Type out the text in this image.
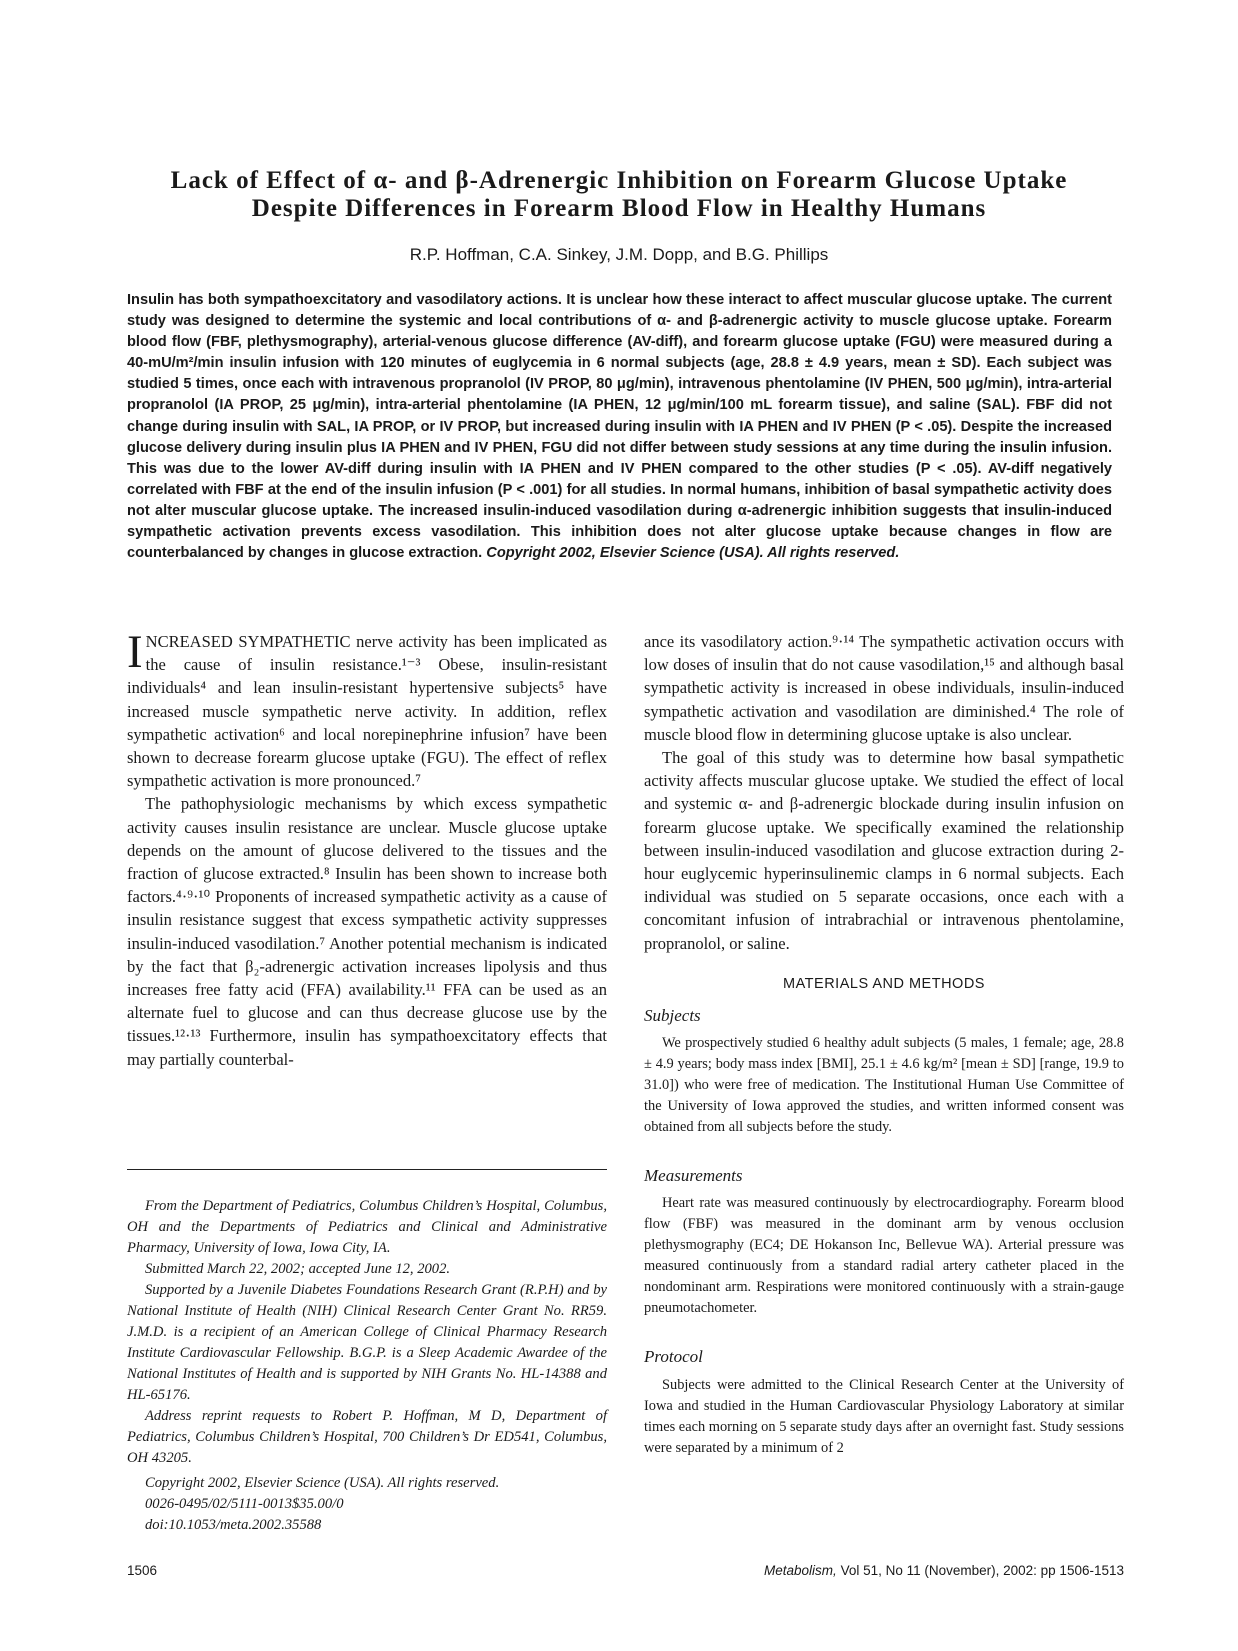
Lack of Effect of α- and β-Adrenergic Inhibition on Forearm Glucose Uptake
Despite Differences in Forearm Blood Flow in Healthy Humans
R.P. Hoffman, C.A. Sinkey, J.M. Dopp, and B.G. Phillips
Insulin has both sympathoexcitatory and vasodilatory actions. It is unclear how these interact to affect muscular glucose uptake. The current study was designed to determine the systemic and local contributions of α- and β-adrenergic activity to muscle glucose uptake. Forearm blood flow (FBF, plethysmography), arterial-venous glucose difference (AV-diff), and forearm glucose uptake (FGU) were measured during a 40-mU/m²/min insulin infusion with 120 minutes of euglycemia in 6 normal subjects (age, 28.8 ± 4.9 years, mean ± SD). Each subject was studied 5 times, once each with intravenous propranolol (IV PROP, 80 μg/min), intravenous phentolamine (IV PHEN, 500 μg/min), intra-arterial propranolol (IA PROP, 25 μg/min), intra-arterial phentolamine (IA PHEN, 12 μg/min/100 mL forearm tissue), and saline (SAL). FBF did not change during insulin with SAL, IA PROP, or IV PROP, but increased during insulin with IA PHEN and IV PHEN (P < .05). Despite the increased glucose delivery during insulin plus IA PHEN and IV PHEN, FGU did not differ between study sessions at any time during the insulin infusion. This was due to the lower AV-diff during insulin with IA PHEN and IV PHEN compared to the other studies (P < .05). AV-diff negatively correlated with FBF at the end of the insulin infusion (P < .001) for all studies. In normal humans, inhibition of basal sympathetic activity does not alter muscular glucose uptake. The increased insulin-induced vasodilation during α-adrenergic inhibition suggests that insulin-induced sympathetic activation prevents excess vasodilation. This inhibition does not alter glucose uptake because changes in flow are counterbalanced by changes in glucose extraction. Copyright 2002, Elsevier Science (USA). All rights reserved.

INCREASED SYMPATHETIC nerve activity has been implicated as the cause of insulin resistance.¹⁻³ Obese, insulin-resistant individuals⁴ and lean insulin-resistant hypertensive subjects⁵ have increased muscle sympathetic nerve activity. In addition, reflex sympathetic activation⁶ and local norepinephrine infusion⁷ have been shown to decrease forearm glucose uptake (FGU). The effect of reflex sympathetic activation is more pronounced.⁷

The pathophysiologic mechanisms by which excess sympathetic activity causes insulin resistance are unclear. Muscle glucose uptake depends on the amount of glucose delivered to the tissues and the fraction of glucose extracted.⁸ Insulin has been shown to increase both factors.⁴·⁹·¹⁰ Proponents of increased sympathetic activity as a cause of insulin resistance suggest that excess sympathetic activity suppresses insulin-induced vasodilation.⁷ Another potential mechanism is indicated by the fact that β₂-adrenergic activation increases lipolysis and thus increases free fatty acid (FFA) availability.¹¹ FFA can be used as an alternate fuel to glucose and can thus decrease glucose use by the tissues.¹²·¹³ Furthermore, insulin has sympathoexcitatory effects that may partially counterbal-

From the Department of Pediatrics, Columbus Children’s Hospital, Columbus, OH and the Departments of Pediatrics and Clinical and Administrative Pharmacy, University of Iowa, Iowa City, IA.

Submitted March 22, 2002; accepted June 12, 2002.

Supported by a Juvenile Diabetes Foundations Research Grant (R.P.H) and by National Institute of Health (NIH) Clinical Research Center Grant No. RR59. J.M.D. is a recipient of an American College of Clinical Pharmacy Research Institute Cardiovascular Fellowship. B.G.P. is a Sleep Academic Awardee of the National Institutes of Health and is supported by NIH Grants No. HL-14388 and HL-65176.

Address reprint requests to Robert P. Hoffman, M D, Department of Pediatrics, Columbus Children’s Hospital, 700 Children’s Dr ED541, Columbus, OH 43205.

Copyright 2002, Elsevier Science (USA). All rights reserved.
0026-0495/02/5111-0013$35.00/0
doi:10.1053/meta.2002.35588

ance its vasodilatory action.⁹·¹⁴ The sympathetic activation occurs with low doses of insulin that do not cause vasodilation,¹⁵ and although basal sympathetic activity is increased in obese individuals, insulin-induced sympathetic activation and vasodilation are diminished.⁴ The role of muscle blood flow in determining glucose uptake is also unclear.

The goal of this study was to determine how basal sympathetic activity affects muscular glucose uptake. We studied the effect of local and systemic α- and β-adrenergic blockade during insulin infusion on forearm glucose uptake. We specifically examined the relationship between insulin-induced vasodilation and glucose extraction during 2-hour euglycemic hyperinsulinemic clamps in 6 normal subjects. Each individual was studied on 5 separate occasions, once each with a concomitant infusion of intrabrachial or intravenous phentolamine, propranolol, or saline.

MATERIALS AND METHODS
Subjects

We prospectively studied 6 healthy adult subjects (5 males, 1 female; age, 28.8 ± 4.9 years; body mass index [BMI], 25.1 ± 4.6 kg/m² [mean ± SD] [range, 19.9 to 31.0]) who were free of medication. The Institutional Human Use Committee of the University of Iowa approved the studies, and written informed consent was obtained from all subjects before the study.

Measurements

Heart rate was measured continuously by electrocardiography. Forearm blood flow (FBF) was measured in the dominant arm by venous occlusion plethysmography (EC4; DE Hokanson Inc, Bellevue WA). Arterial pressure was measured continuously from a standard radial artery catheter placed in the nondominant arm. Respirations were monitored continuously with a strain-gauge pneumotachometer.

Protocol

Subjects were admitted to the Clinical Research Center at the University of Iowa and studied in the Human Cardiovascular Physiology Laboratory at similar times each morning on 5 separate study days after an overnight fast. Study sessions were separated by a minimum of 2

1506	Metabolism, Vol 51, No 11 (November), 2002: pp 1506-1513
